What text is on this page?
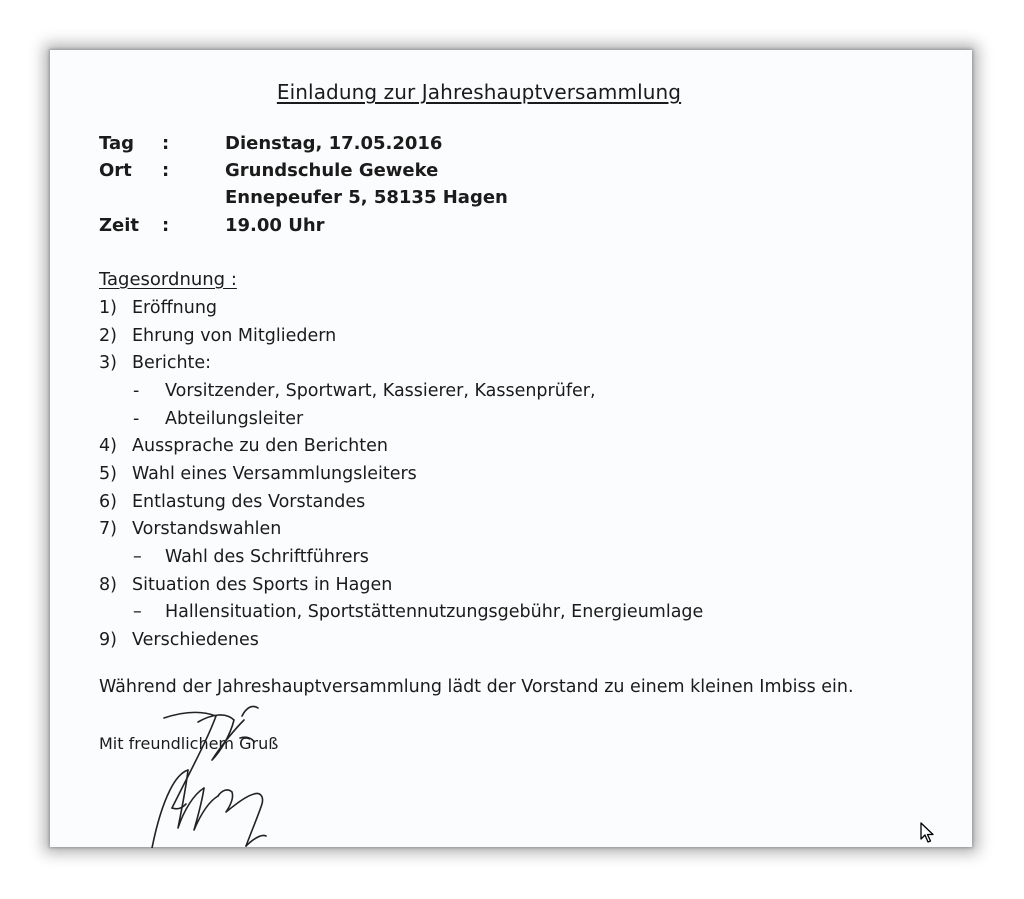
Einladung zur Jahreshauptversammlung
Tag :	Dienstag, 17.05.2016
Ort :	Grundschule Geweke
Ennepeufer 5, 58135 Hagen
Zeit :	19.00 Uhr
Tagesordnung :
1) Eröffnung
2) Ehrung von Mitgliedern
3) Berichte:
- Vorsitzender, Sportwart, Kassierer, Kassenprüfer,
- Abteilungsleiter
4) Aussprache zu den Berichten
5) Wahl eines Versammlungsleiters
6) Entlastung des Vorstandes
7) Vorstandswahlen
– Wahl des Schriftführers
8) Situation des Sports in Hagen
– Hallensituation, Sportstättennutzungsgebühr, Energieumlage
9) Verschiedenes
Während der Jahreshauptversammlung lädt der Vorstand zu einem kleinen Imbiss ein.
Mit freundlichem Gruß
